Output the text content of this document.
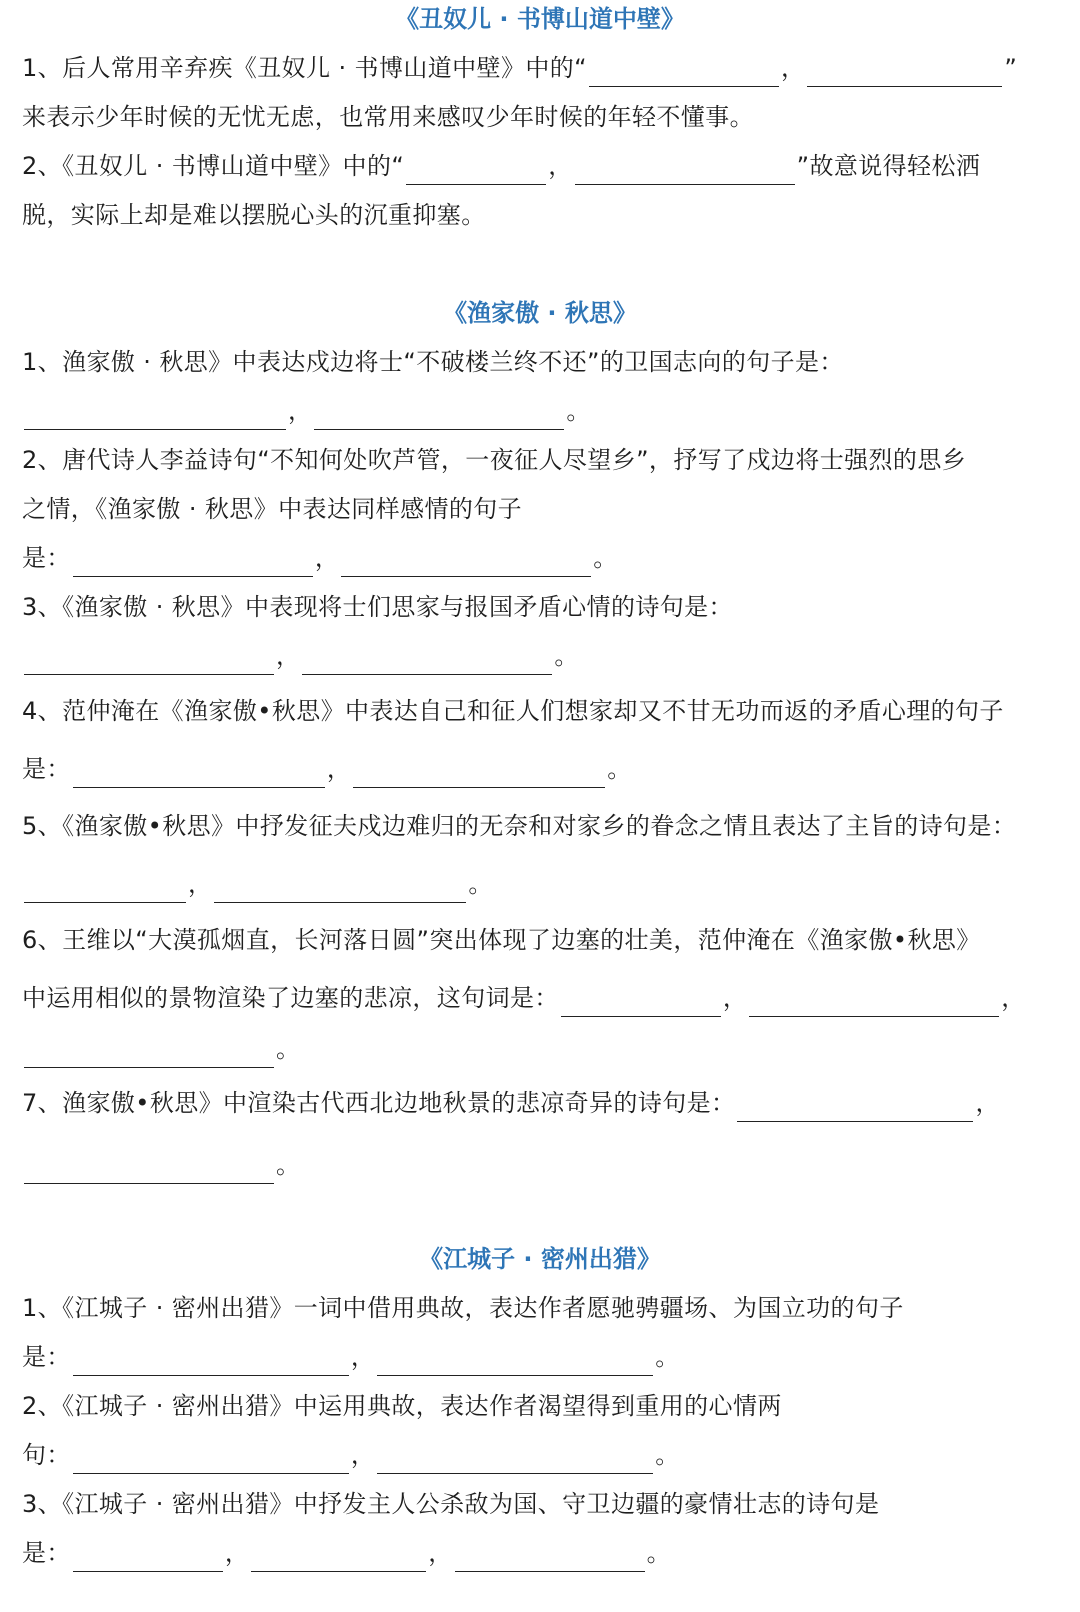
《丑奴儿 · 书博山道中壁》
1、后人常用辛弃疾《丑奴儿 · 书博山道中壁》中的“	，	”
来表示少年时候的无忧无虑，也常用来感叹少年时候的年轻不懂事。
2、《丑奴儿 · 书博山道中壁》中的“	，	”故意说得轻松洒
脱，实际上却是难以摆脱心头的沉重抑塞。
《渔家傲 · 秋思》
1、渔家傲 · 秋思》中表达戍边将士“不破楼兰终不还”的卫国志向的句子是：
，	。
2、唐代诗人李益诗句“不知何处吹芦管，一夜征人尽望乡”，抒写了戍边将士强烈的思乡
之情，《渔家傲 · 秋思》中表达同样感情的句子
是：	，	。
3、《渔家傲 · 秋思》中表现将士们思家与报国矛盾心情的诗句是：
，	。
4、范仲淹在《渔家傲•秋思》中表达自己和征人们想家却又不甘无功而返的矛盾心理的句子
是：	，	。
5、《渔家傲•秋思》中抒发征夫戍边难归的无奈和对家乡的眷念之情且表达了主旨的诗句是：
，	。
6、王维以“大漠孤烟直，长河落日圆”突出体现了边塞的壮美，范仲淹在《渔家傲•秋思》
中运用相似的景物渲染了边塞的悲凉，这句词是：	，	，
。
7、渔家傲•秋思》中渲染古代西北边地秋景的悲凉奇异的诗句是：	，
。
《江城子 · 密州出猎》
1、《江城子 · 密州出猎》一词中借用典故，表达作者愿驰骋疆场、为国立功的句子
是：	，	。
2、《江城子 · 密州出猎》中运用典故，表达作者渴望得到重用的心情两
句：	，	。
3、《江城子 · 密州出猎》中抒发主人公杀敌为国、守卫边疆的豪情壮志的诗句是
是：	，	，	。
